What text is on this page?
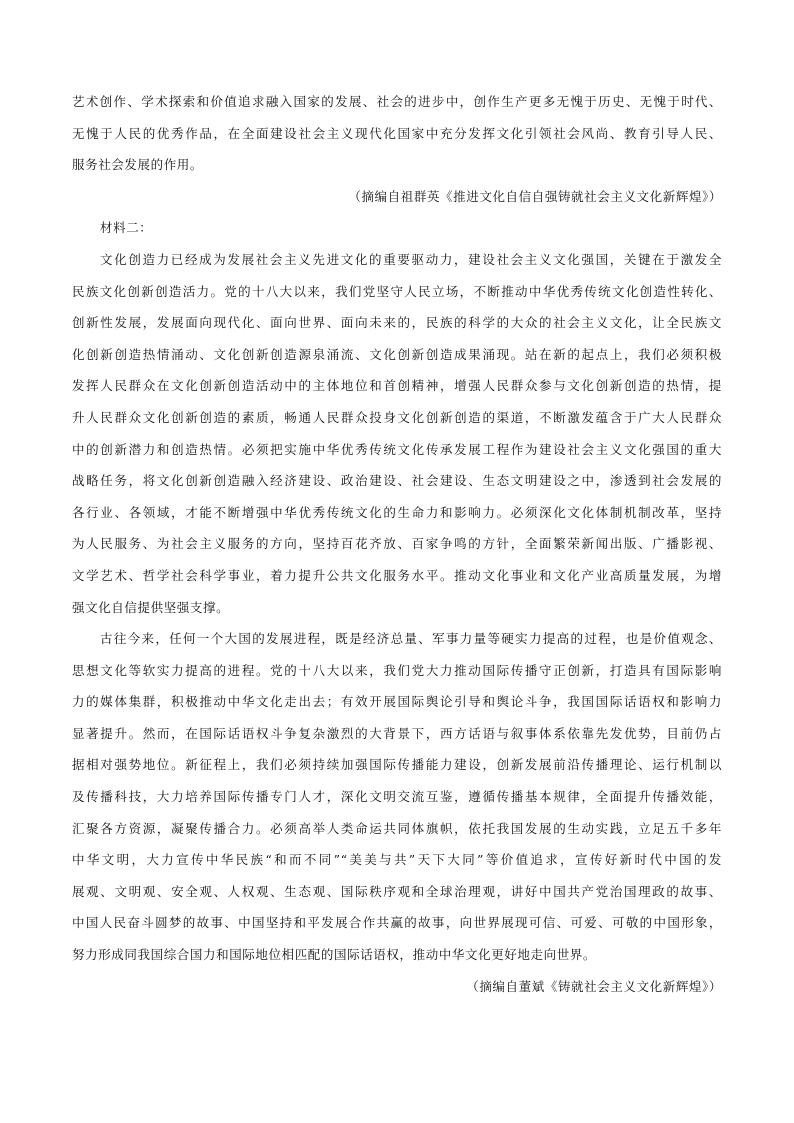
艺术创作、学术探索和价值追求融入国家的发展、社会的进步中，创作生产更多无愧于历史、无愧于时代、
无愧于人民的优秀作品，在全面建设社会主义现代化国家中充分发挥文化引领社会风尚、教育引导人民、
服务社会发展的作用。
（摘编自祖群英《推进文化自信自强铸就社会主义文化新辉煌》）
材料二：
文化创造力已经成为发展社会主义先进文化的重要驱动力，建设社会主义文化强国，关键在于激发全
民族文化创新创造活力。党的十八大以来，我们党坚守人民立场，不断推动中华优秀传统文化创造性转化、
创新性发展，发展面向现代化、面向世界、面向未来的，民族的科学的大众的社会主义文化，让全民族文
化创新创造热情涌动、文化创新创造源泉涌流、文化创新创造成果涌现。站在新的起点上，我们必须积极
发挥人民群众在文化创新创造活动中的主体地位和首创精神，增强人民群众参与文化创新创造的热情，提
升人民群众文化创新创造的素质，畅通人民群众投身文化创新创造的渠道，不断激发蕴含于广大人民群众
中的创新潜力和创造热情。必须把实施中华优秀传统文化传承发展工程作为建设社会主义文化强国的重大
战略任务，将文化创新创造融入经济建设、政治建设、社会建设、生态文明建设之中，渗透到社会发展的
各行业、各领域，才能不断增强中华优秀传统文化的生命力和影响力。必须深化文化体制机制改革，坚持
为人民服务、为社会主义服务的方向，坚持百花齐放、百家争鸣的方针，全面繁荣新闻出版、广播影视、
文学艺术、哲学社会科学事业，着力提升公共文化服务水平。推动文化事业和文化产业高质量发展，为增
强文化自信提供坚强支撑。
古往今来，任何一个大国的发展进程，既是经济总量、军事力量等硬实力提高的过程，也是价值观念、
思想文化等软实力提高的进程。党的十八大以来，我们党大力推动国际传播守正创新，打造具有国际影响
力的媒体集群，积极推动中华文化走出去；有效开展国际舆论引导和舆论斗争，我国国际话语权和影响力
显著提升。然而，在国际话语权斗争复杂激烈的大背景下，西方话语与叙事体系依靠先发优势，目前仍占
据相对强势地位。新征程上，我们必须持续加强国际传播能力建设，创新发展前沿传播理论、运行机制以
及传播科技，大力培养国际传播专门人才，深化文明交流互鉴，遵循传播基本规律，全面提升传播效能，
汇聚各方资源，凝聚传播合力。必须高举人类命运共同体旗帜，依托我国发展的生动实践，立足五千多年
中华文明，大力宣传中华民族“和而不同”“美美与共”天下大同”等价值追求，宣传好新时代中国的发
展观、文明观、安全观、人权观、生态观、国际秩序观和全球治理观，讲好中国共产党治国理政的故事、
中国人民奋斗圆梦的故事、中国坚持和平发展合作共赢的故事，向世界展现可信、可爱、可敬的中国形象，
努力形成同我国综合国力和国际地位相匹配的国际话语权，推动中华文化更好地走向世界。
（摘编自董斌《铸就社会主义文化新辉煌》）
